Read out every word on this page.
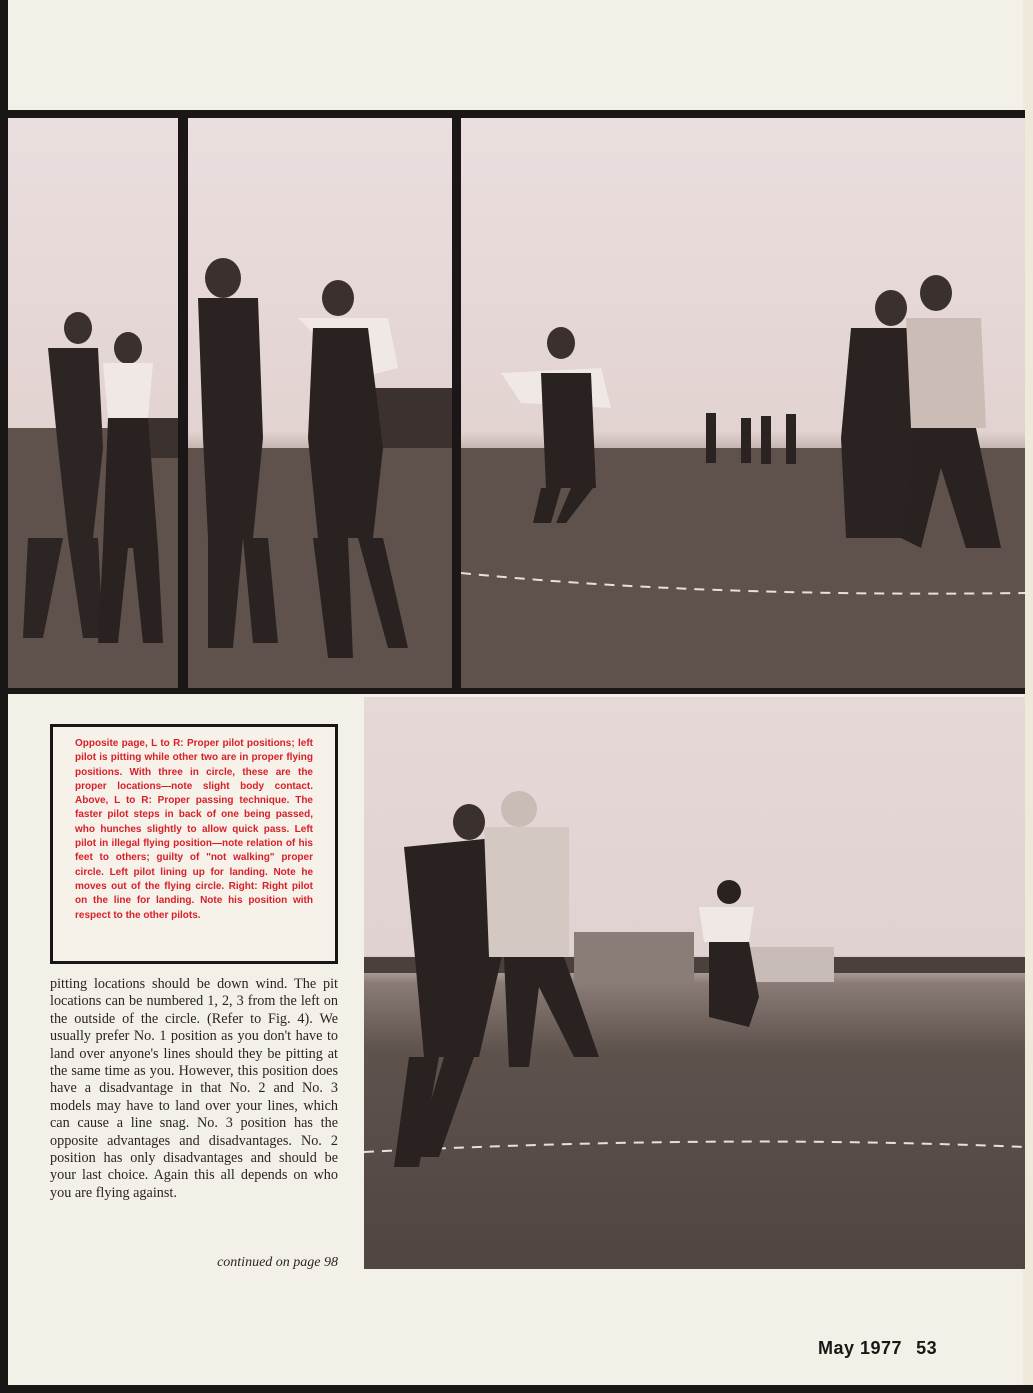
Opposite page, L to R: Proper pilot positions; left pilot is pitting while other two are in proper flying positions. With three in circle, these are the proper locations—note slight body contact. Above, L to R: Proper passing technique. The faster pilot steps in back of one being passed, who hunches slightly to allow quick pass. Left pilot in illegal flying position—note relation of his feet to others; guilty of "not walking" proper circle. Left pilot lining up for landing. Note he moves out of the flying circle. Right: Right pilot on the line for landing. Note his position with respect to the other pilots.

pitting locations should be down wind. The pit locations can be numbered 1, 2, 3 from the left on the outside of the circle. (Refer to Fig. 4). We usually prefer No. 1 position as you don't have to land over anyone's lines should they be pitting at the same time as you. However, this position does have a disadvantage in that No. 2 and No. 3 models may have to land over your lines, which can cause a line snag. No. 3 position has the opposite advantages and disadvantages. No. 2 position has only disadvantages and should be your last choice. Again this all depends on who you are flying against.

continued on page 98
May 1977 53
